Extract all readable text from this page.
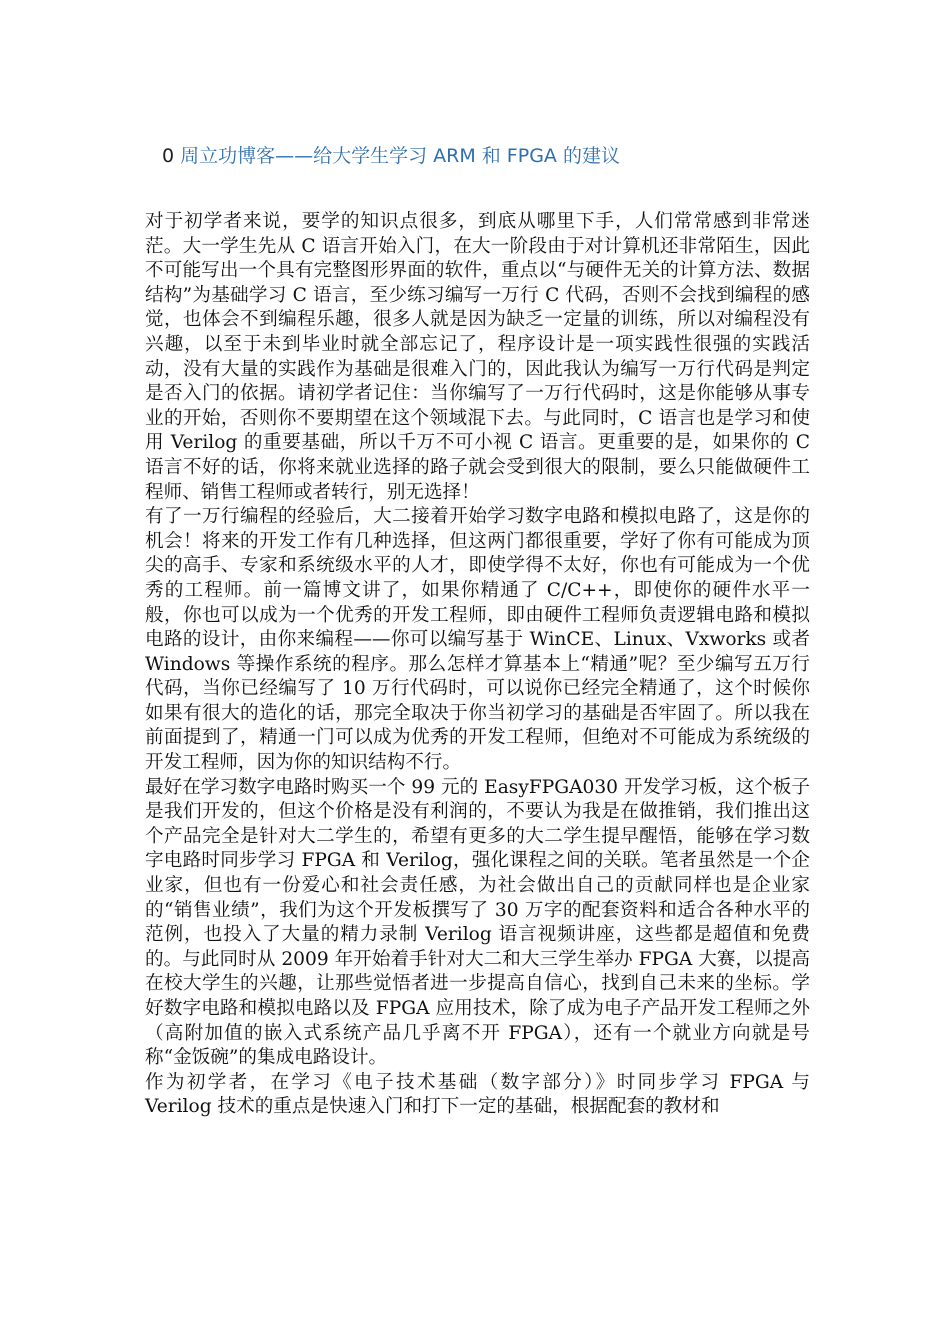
0 周立功博客——给大学生学习 ARM 和 FPGA 的建议

对于初学者来说，要学的知识点很多，到底从哪里下手，人们常常感到非常迷茫。大一学生先从 C 语言开始入门，在大一阶段由于对计算机还非常陌生，因此不可能写出一个具有完整图形界面的软件，重点以“与硬件无关的计算方法、数据结构”为基础学习 C 语言，至少练习编写一万行 C 代码，否则不会找到编程的感觉，也体会不到编程乐趣，很多人就是因为缺乏一定量的训练，所以对编程没有兴趣，以至于未到毕业时就全部忘记了，程序设计是一项实践性很强的实践活动，没有大量的实践作为基础是很难入门的，因此我认为编写一万行代码是判定是否入门的依据。请初学者记住：当你编写了一万行代码时，这是你能够从事专业的开始，否则你不要期望在这个领域混下去。与此同时，C 语言也是学习和使用 Verilog 的重要基础，所以千万不可小视 C 语言。更重要的是，如果你的 C 语言不好的话，你将来就业选择的路子就会受到很大的限制，要么只能做硬件工程师、销售工程师或者转行，别无选择！

有了一万行编程的经验后，大二接着开始学习数字电路和模拟电路了，这是你的机会！将来的开发工作有几种选择，但这两门都很重要，学好了你有可能成为顶尖的高手、专家和系统级水平的人才，即使学得不太好，你也有可能成为一个优秀的工程师。前一篇博文讲了，如果你精通了 C/C++，即使你的硬件水平一般，你也可以成为一个优秀的开发工程师，即由硬件工程师负责逻辑电路和模拟电路的设计，由你来编程——你可以编写基于 WinCE、Linux、Vxworks 或者 Windows 等操作系统的程序。那么怎样才算基本上“精通”呢？至少编写五万行代码，当你已经编写了 10 万行代码时，可以说你已经完全精通了，这个时候你如果有很大的造化的话，那完全取决于你当初学习的基础是否牢固了。所以我在前面提到了，精通一门可以成为优秀的开发工程师，但绝对不可能成为系统级的开发工程师，因为你的知识结构不行。

最好在学习数字电路时购买一个 99 元的 EasyFPGA030 开发学习板，这个板子是我们开发的，但这个价格是没有利润的，不要认为我是在做推销，我们推出这个产品完全是针对大二学生的，希望有更多的大二学生提早醒悟，能够在学习数字电路时同步学习 FPGA 和 Verilog，强化课程之间的关联。笔者虽然是一个企业家，但也有一份爱心和社会责任感，为社会做出自己的贡献同样也是企业家的“销售业绩”，我们为这个开发板撰写了 30 万字的配套资料和适合各种水平的范例，也投入了大量的精力录制 Verilog 语言视频讲座，这些都是超值和免费的。与此同时从 2009 年开始着手针对大二和大三学生举办 FPGA 大赛，以提高在校大学生的兴趣，让那些觉悟者进一步提高自信心，找到自己未来的坐标。学好数字电路和模拟电路以及 FPGA 应用技术，除了成为电子产品开发工程师之外（高附加值的嵌入式系统产品几乎离不开 FPGA），还有一个就业方向就是号称“金饭碗”的集成电路设计。

作为初学者，在学习《电子技术基础（数字部分）》时同步学习 FPGA 与 Verilog 技术的重点是快速入门和打下一定的基础，根据配套的教材和
